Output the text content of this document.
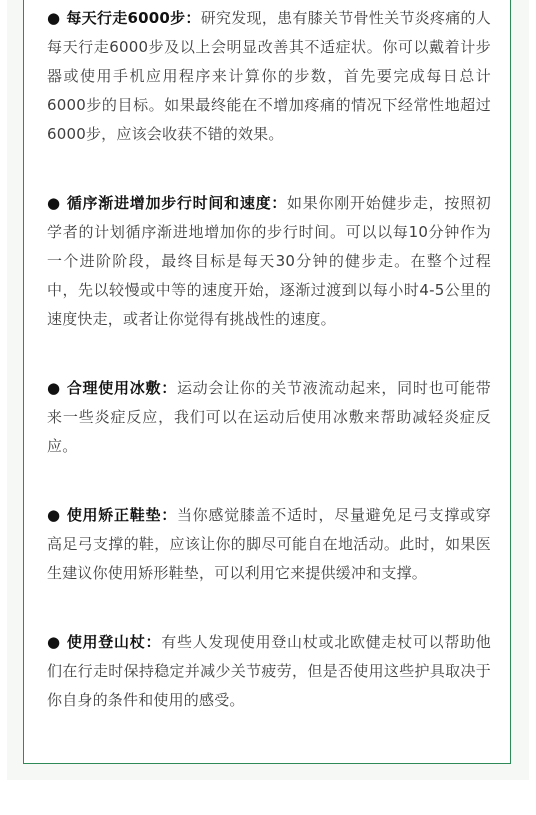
● 每天行走6000步：研究发现，患有膝关节骨性关节炎疼痛的人每天行走6000步及以上会明显改善其不适症状。你可以戴着计步器或使用手机应用程序来计算你的步数，首先要完成每日总计6000步的目标。如果最终能在不增加疼痛的情况下经常性地超过6000步，应该会收获不错的效果。

● 循序渐进增加步行时间和速度：如果你刚开始健步走，按照初学者的计划循序渐进地增加你的步行时间。可以以每10分钟作为一个进阶阶段，最终目标是每天30分钟的健步走。在整个过程中，先以较慢或中等的速度开始，逐渐过渡到以每小时4-5公里的速度快走，或者让你觉得有挑战性的速度。

● 合理使用冰敷：运动会让你的关节液流动起来，同时也可能带来一些炎症反应，我们可以在运动后使用冰敷来帮助减轻炎症反应。

● 使用矫正鞋垫：当你感觉膝盖不适时，尽量避免足弓支撑或穿高足弓支撑的鞋，应该让你的脚尽可能自在地活动。此时，如果医生建议你使用矫形鞋垫，可以利用它来提供缓冲和支撑。

● 使用登山杖：有些人发现使用登山杖或北欧健走杖可以帮助他们在行走时保持稳定并减少关节疲劳，但是否使用这些护具取决于你自身的条件和使用的感受。
